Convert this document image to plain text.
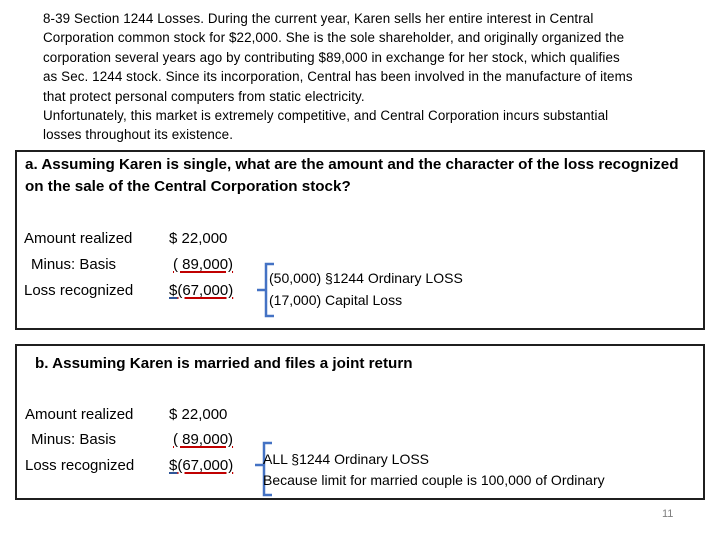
8-39 Section 1244 Losses. During the current year, Karen sells her entire interest in Central

Corporation common stock for $22,000. She is the sole shareholder, and originally organized the

corporation several years ago by contributing $89,000 in exchange for her stock, which qualifies

as Sec. 1244 stock. Since its incorporation, Central has been involved in the manufacture of items

that protect personal computers from static electricity.

Unfortunately, this market is extremely competitive, and Central Corporation incurs substantial

losses throughout its existence.

a. Assuming Karen is single, what are the amount and the character of the loss recognized
on the sale of the Central Corporation stock?
Amount realized
Minus: Basis
Loss recognized
$ 22,000
( 89,000)
$(67,000)
(50,000) §1244 Ordinary LOSS
(17,000) Capital Loss
b. Assuming Karen is married and files a joint return
Amount realized
Minus: Basis
Loss recognized
$ 22,000
( 89,000)
$(67,000) ALL §1244 Ordinary LOSS
Because limit for married couple is 100,000 of Ordinary
11
